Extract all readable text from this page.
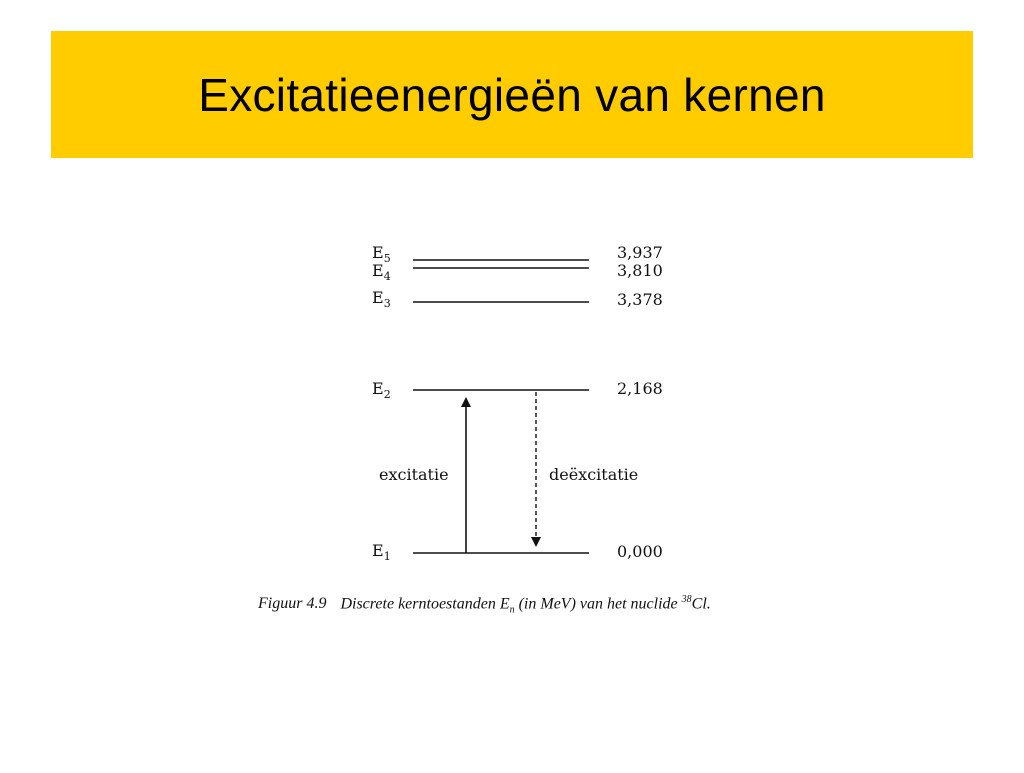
Excitatieenergieën van kernen
$E_5$
$E_4$
$E_3$
$E_2$
$E_1$
3,937
3,810
3,378
2,168
0,000
excitatie	deëxcitatie
Figuur 4.9 Discrete kerntoestanden $E_n$ (in MeV) van het nuclide $^{38}$Cl.
